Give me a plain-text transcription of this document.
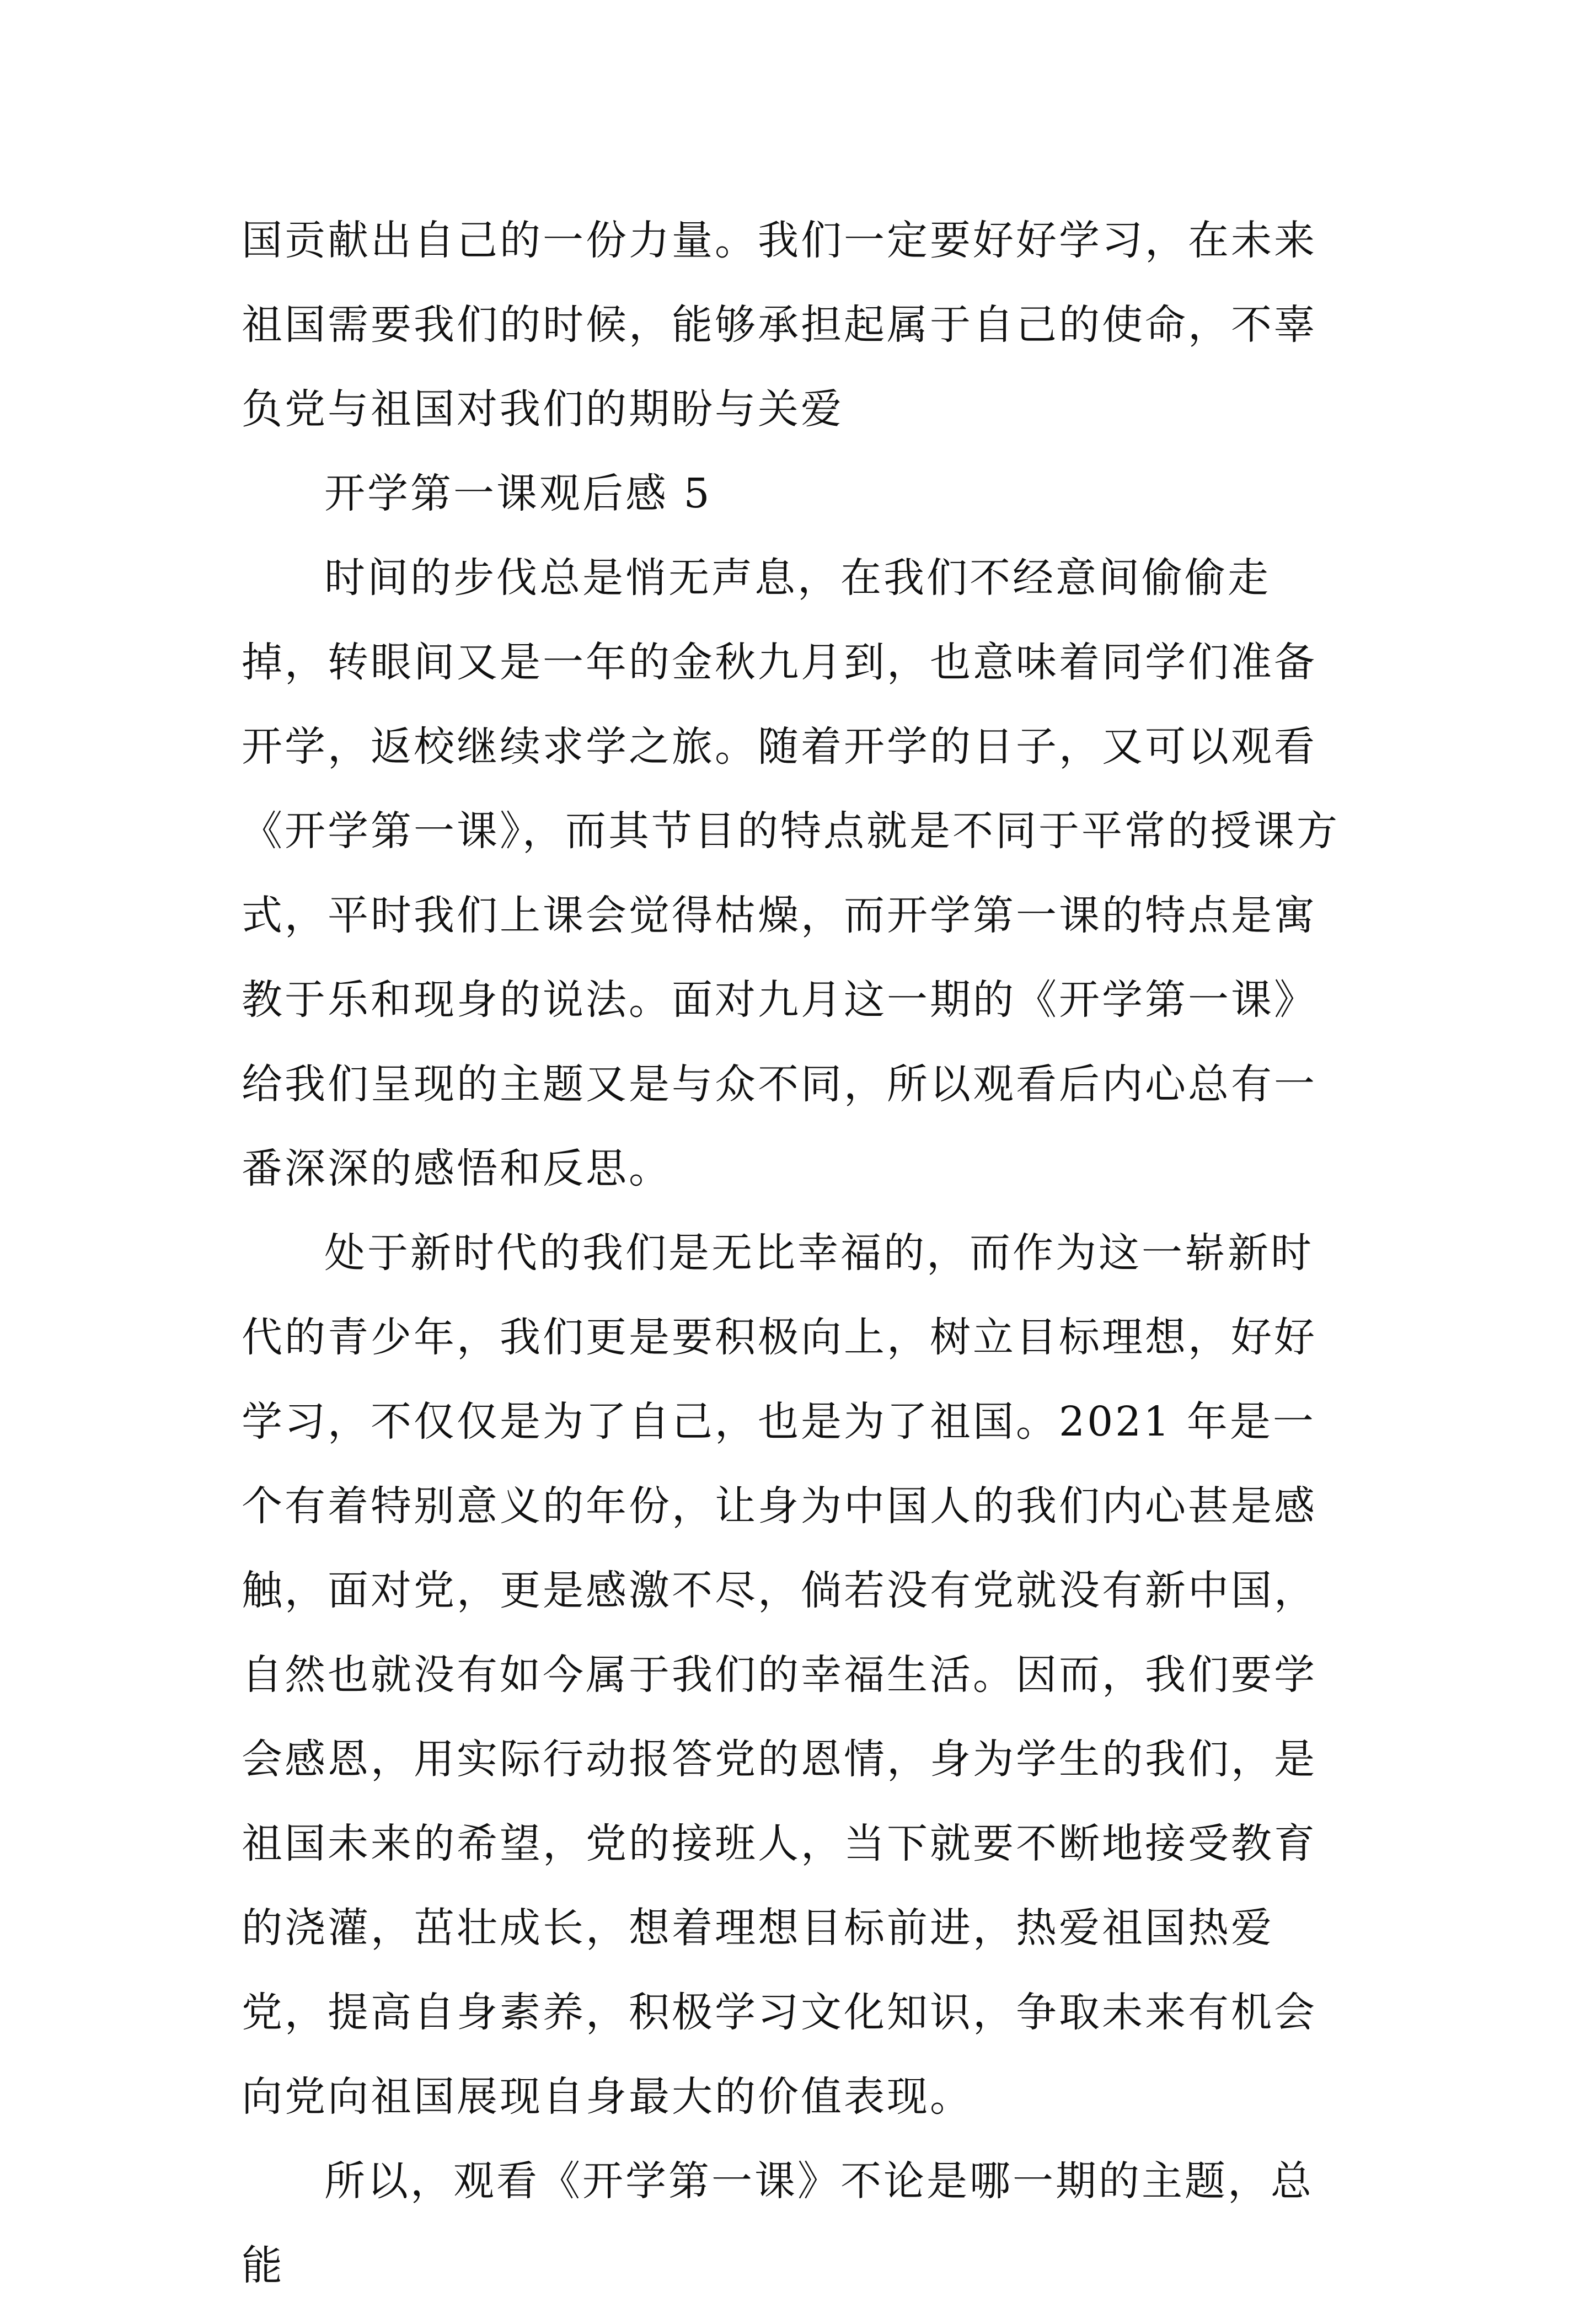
国贡献出自己的一份力量。我们一定要好好学习，在未来祖国需要我们的时候，能够承担起属于自己的使命，不辜负党与祖国对我们的期盼与关爱

开学第一课观后感 5

时间的步伐总是悄无声息，在我们不经意间偷偷走掉，转眼间又是一年的金秋九月到，也意味着同学们准备开学，返校继续求学之旅。随着开学的日子，又可以观看《开学第一课》，而其节目的特点就是不同于平常的授课方式，平时我们上课会觉得枯燥，而开学第一课的特点是寓教于乐和现身的说法。面对九月这一期的《开学第一课》给我们呈现的主题又是与众不同，所以观看后内心总有一番深深的感悟和反思。

处于新时代的我们是无比幸福的，而作为这一崭新时代的青少年，我们更是要积极向上，树立目标理想，好好学习，不仅仅是为了自己，也是为了祖国。2021 年是一个有着特别意义的年份，让身为中国人的我们内心甚是感触，面对党，更是感激不尽，倘若没有党就没有新中国，自然也就没有如今属于我们的幸福生活。因而，我们要学会感恩，用实际行动报答党的恩情，身为学生的我们，是祖国未来的希望，党的接班人，当下就要不断地接受教育的浇灌，茁壮成长，想着理想目标前进，热爱祖国热爱党，提高自身素养，积极学习文化知识，争取未来有机会向党向祖国展现自身最大的价值表现。

所以，观看《开学第一课》不论是哪一期的主题，总能
